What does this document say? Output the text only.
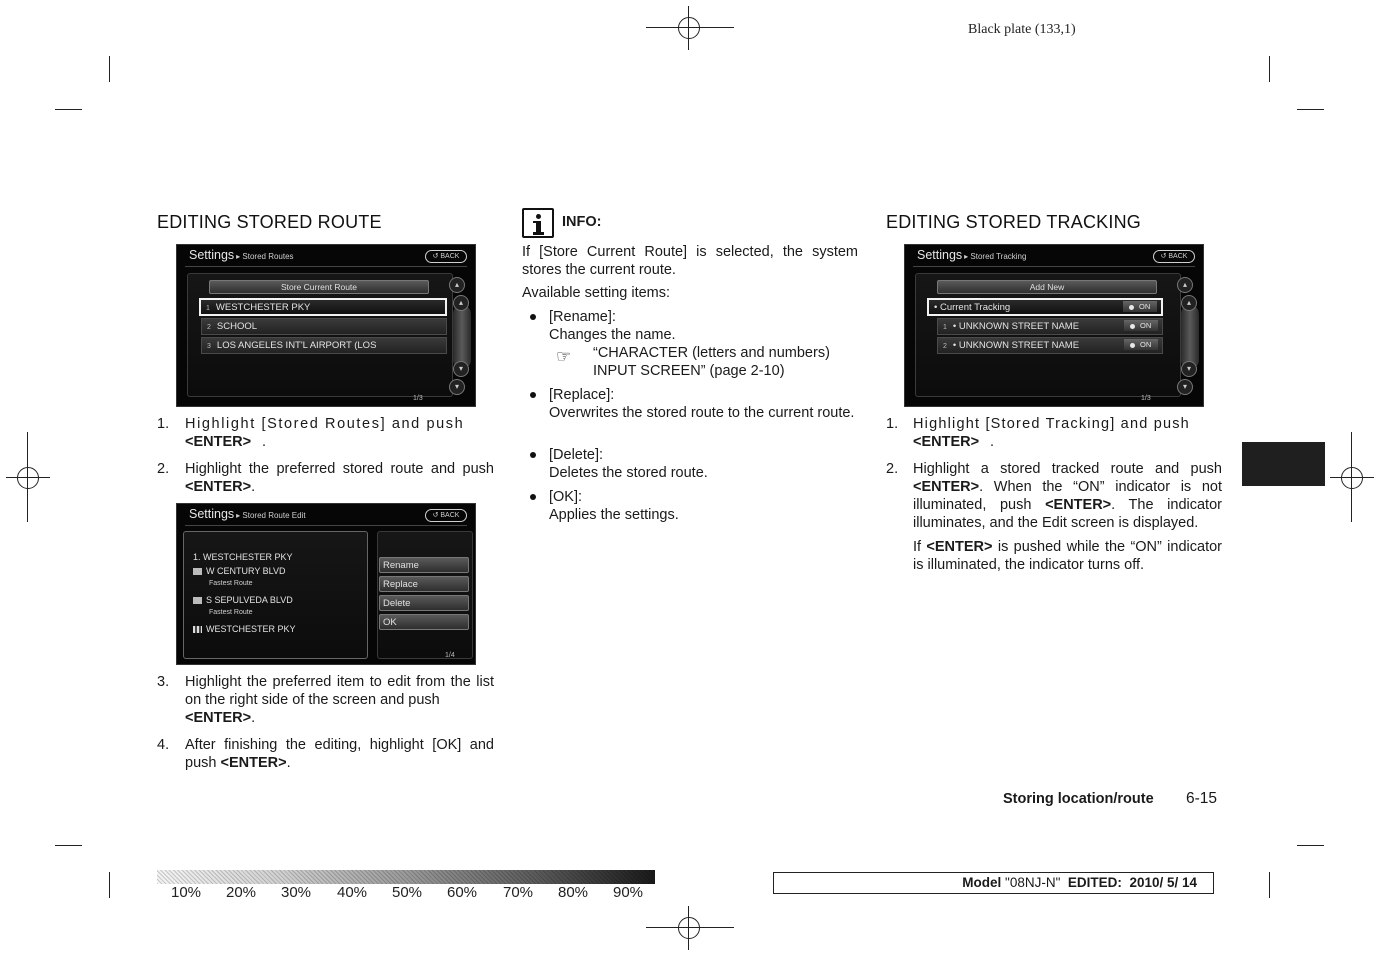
Black plate (133,1)
EDITING STORED ROUTE
Settings ▸ Stored Routes	↺ BACK
Store Current Route
1 WESTCHESTER PKY
2 SCHOOL
3 LOS ANGELES INT'L AIRPORT (LOS
▴
▴
▾
▾
1/3
1. Highlight [Stored Routes] and push
<ENTER> .
2. Highlight the preferred stored route and push <ENTER>.
Settings ▸ Stored Route Edit	↺ BACK
1. WESTCHESTER PKY
W CENTURY BLVD
Fastest Route
S SEPULVEDA BLVD
Fastest Route
WESTCHESTER PKY
Rename
Replace
Delete
OK
1/4
3. Highlight the preferred item to edit from the list on the right side of the screen and push
<ENTER>.
4. After finishing the editing, highlight [OK] and push <ENTER>.
INFO:
If [Store Current Route] is selected, the system stores the current route.
Available setting items:
[Rename]:
Changes the name.
☞ “CHARACTER (letters and numbers)
INPUT SCREEN” (page 2-10)
[Replace]:
Overwrites the stored route to the current route.
[Delete]:
Deletes the stored route.
[OK]:
Applies the settings.
EDITING STORED TRACKING
Settings ▸ Stored Tracking	↺ BACK
Add New
• Current Tracking	ON
1 • UNKNOWN STREET NAME	ON
2 • UNKNOWN STREET NAME	ON
▴
▴
▾
▾
1/3
1. Highlight [Stored Tracking] and push
<ENTER> .
2. Highlight a stored tracked route and push <ENTER>. When the “ON” indicator is not illuminated, push <ENTER>. The indicator illuminates, and the Edit screen is displayed.
If <ENTER> is pushed while the “ON” indicator is illuminated, the indicator turns off.
Storing location/route 6-15
10% 20% 30% 40% 50% 60% 70% 80% 90%
Model "08NJ-N" EDITED: 2010/ 5/ 14
